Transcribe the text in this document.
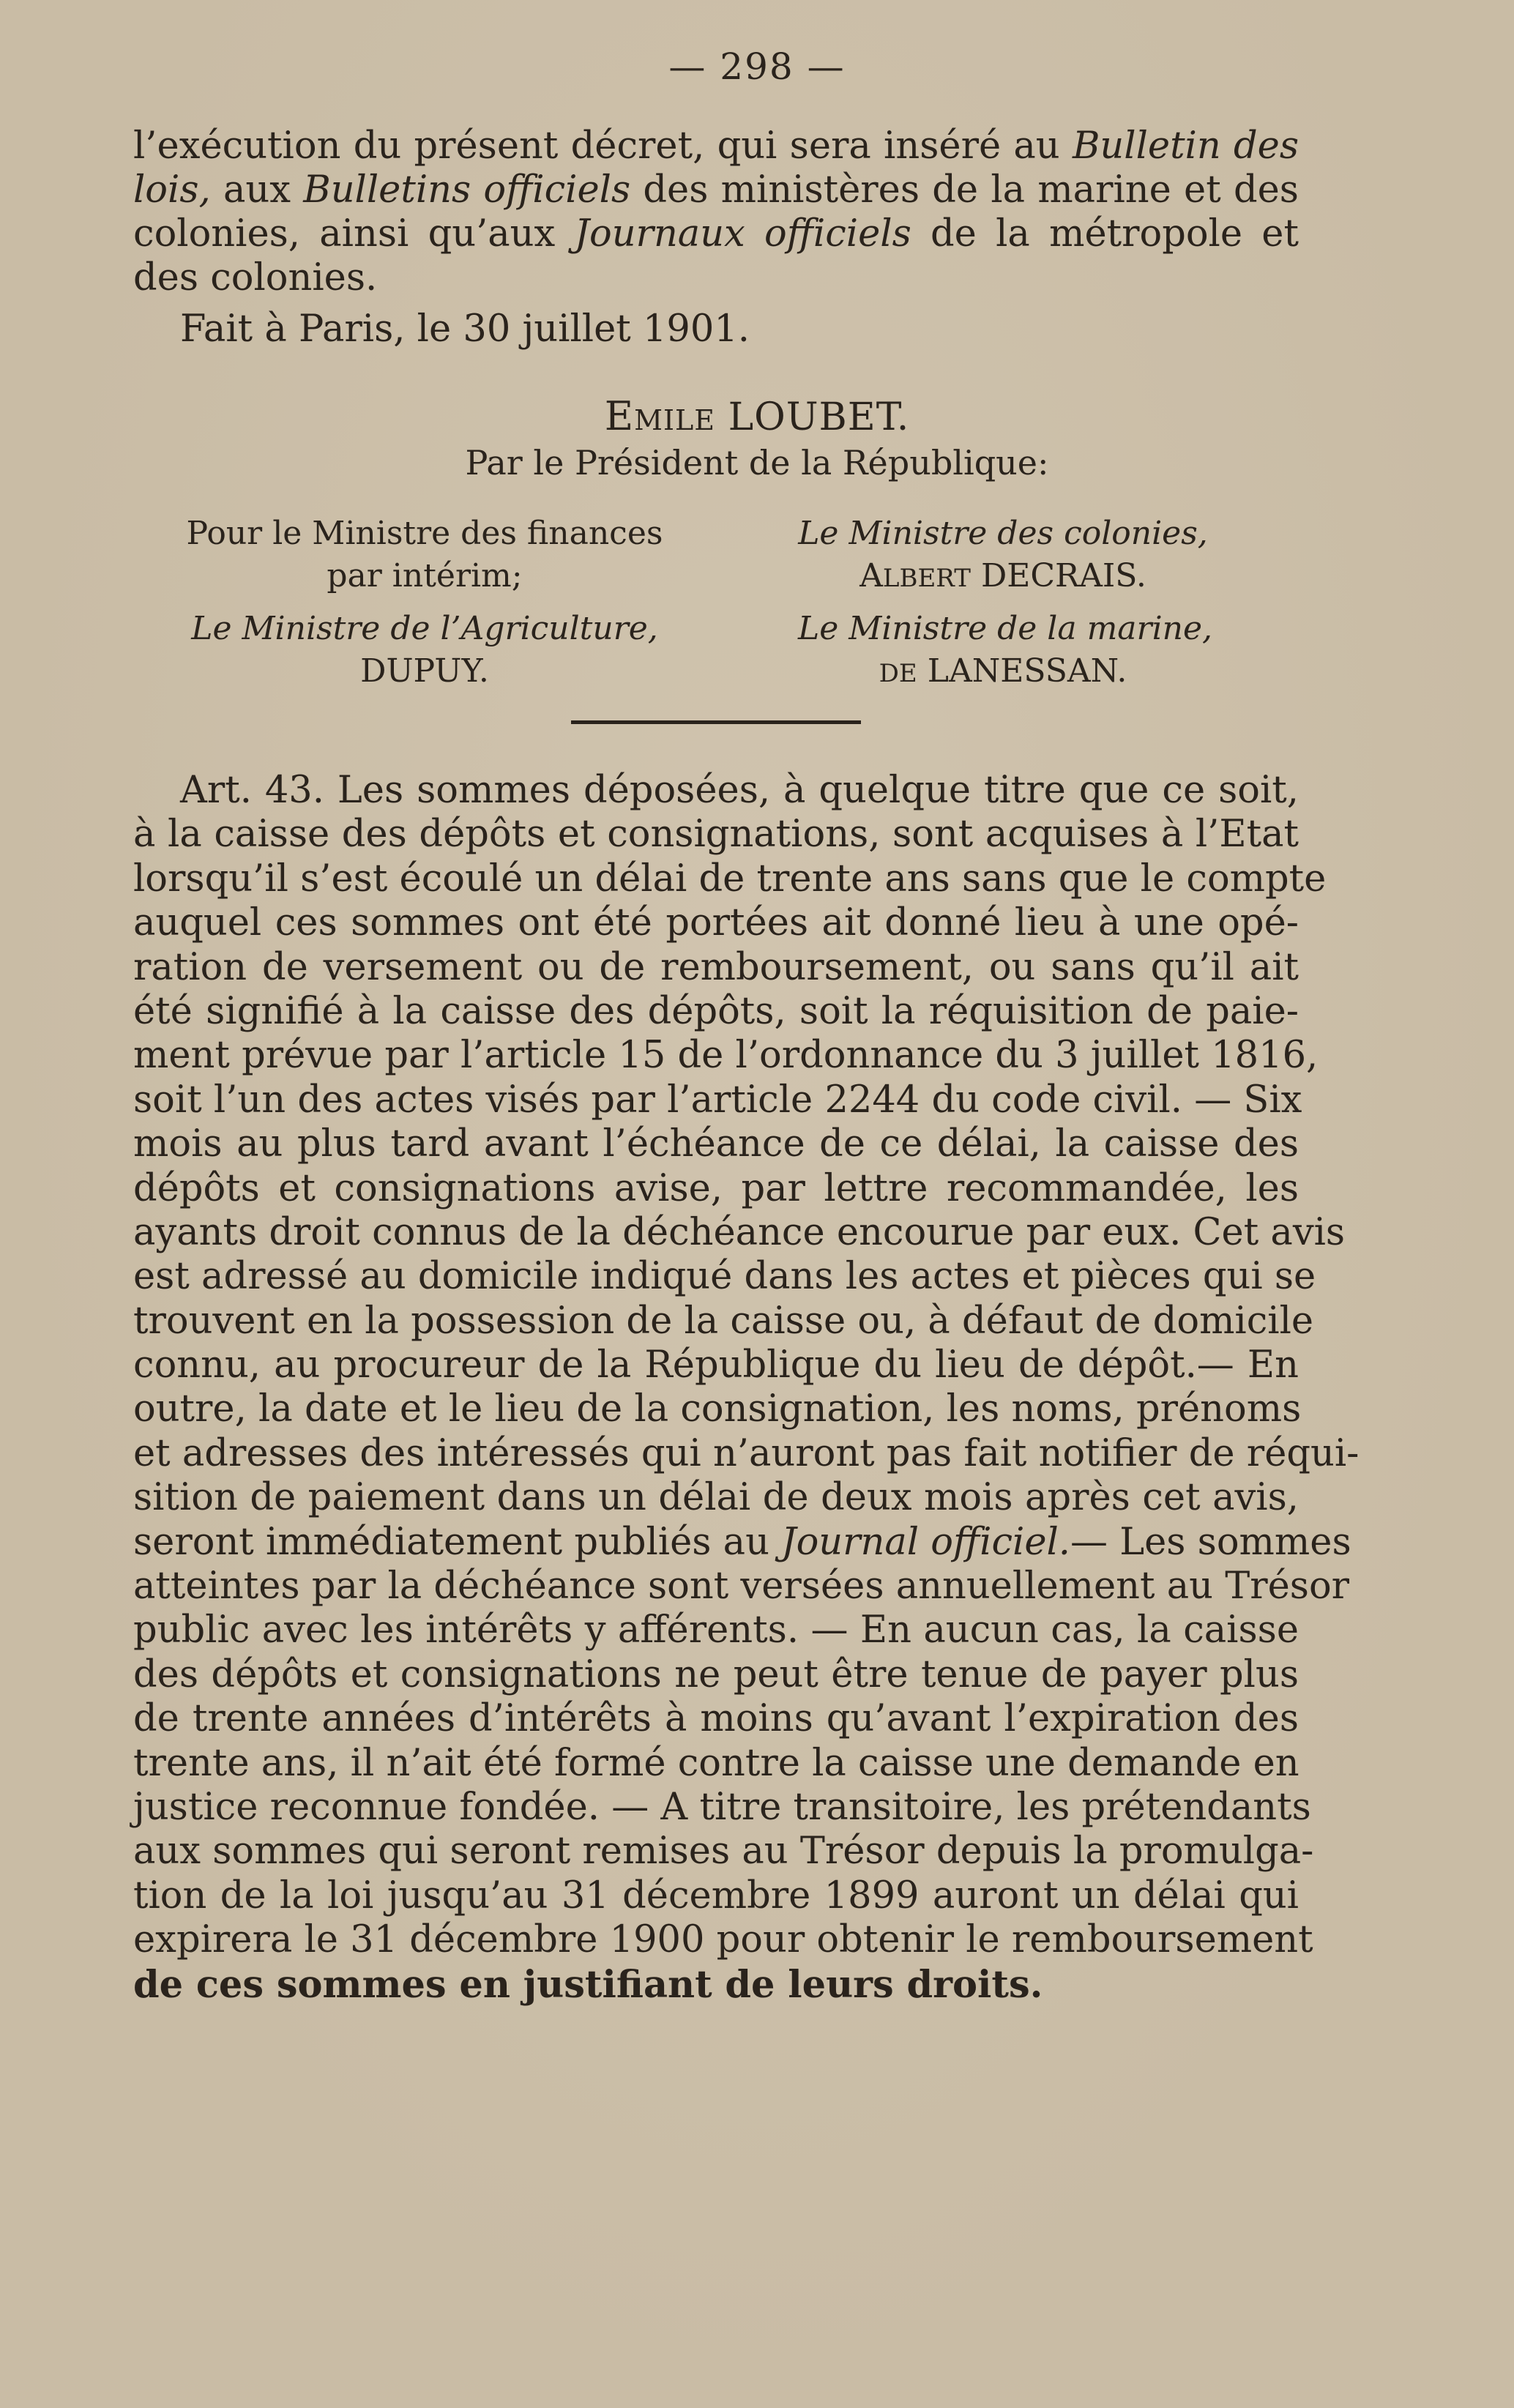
— 298 —
l’exécution du présent décret, qui sera inséré au Bulletin des
lois, aux Bulletins officiels des ministères de la marine et des
colonies, ainsi qu’aux Journaux officiels de la métropole et
des colonies.
Fait à Paris, le 30 juillet 1901.
EMILE LOUBET.
Par le Président de la République:
Pour le Ministre des finances
par intérim;
Le Ministre de l’Agriculture,
DUPUY.
Le Ministre des colonies,
ALBERT DECRAIS.
Le Ministre de la marine,
DE LANESSAN.
Art. 43. Les sommes déposées, à quelque titre que ce soit,
à la caisse des dépôts et consignations, sont acquises à l’Etat
lorsqu’il s’est écoulé un délai de trente ans sans que le compte
auquel ces sommes ont été portées ait donné lieu à une opé-
ration de versement ou de remboursement, ou sans qu’il ait
été signifié à la caisse des dépôts, soit la réquisition de paie-
ment prévue par l’article 15 de l’ordonnance du 3 juillet 1816,
soit l’un des actes visés par l’article 2244 du code civil. — Six
mois au plus tard avant l’échéance de ce délai, la caisse des
dépôts et consignations avise, par lettre recommandée, les
ayants droit connus de la déchéance encourue par eux. Cet avis
est adressé au domicile indiqué dans les actes et pièces qui se
trouvent en la possession de la caisse ou, à défaut de domicile
connu, au procureur de la République du lieu de dépôt.— En
outre, la date et le lieu de la consignation, les noms, prénoms
et adresses des intéressés qui n’auront pas fait notifier de réqui-
sition de paiement dans un délai de deux mois après cet avis,
seront immédiatement publiés au Journal officiel.— Les sommes
atteintes par la déchéance sont versées annuellement au Trésor
public avec les intérêts y afférents. — En aucun cas, la caisse
des dépôts et consignations ne peut être tenue de payer plus
de trente années d’intérêts à moins qu’avant l’expiration des
trente ans, il n’ait été formé contre la caisse une demande en
justice reconnue fondée. — A titre transitoire, les prétendants
aux sommes qui seront remises au Trésor depuis la promulga-
tion de la loi jusqu’au 31 décembre 1899 auront un délai qui
expirera le 31 décembre 1900 pour obtenir le remboursement
de ces sommes en justifiant de leurs droits.
